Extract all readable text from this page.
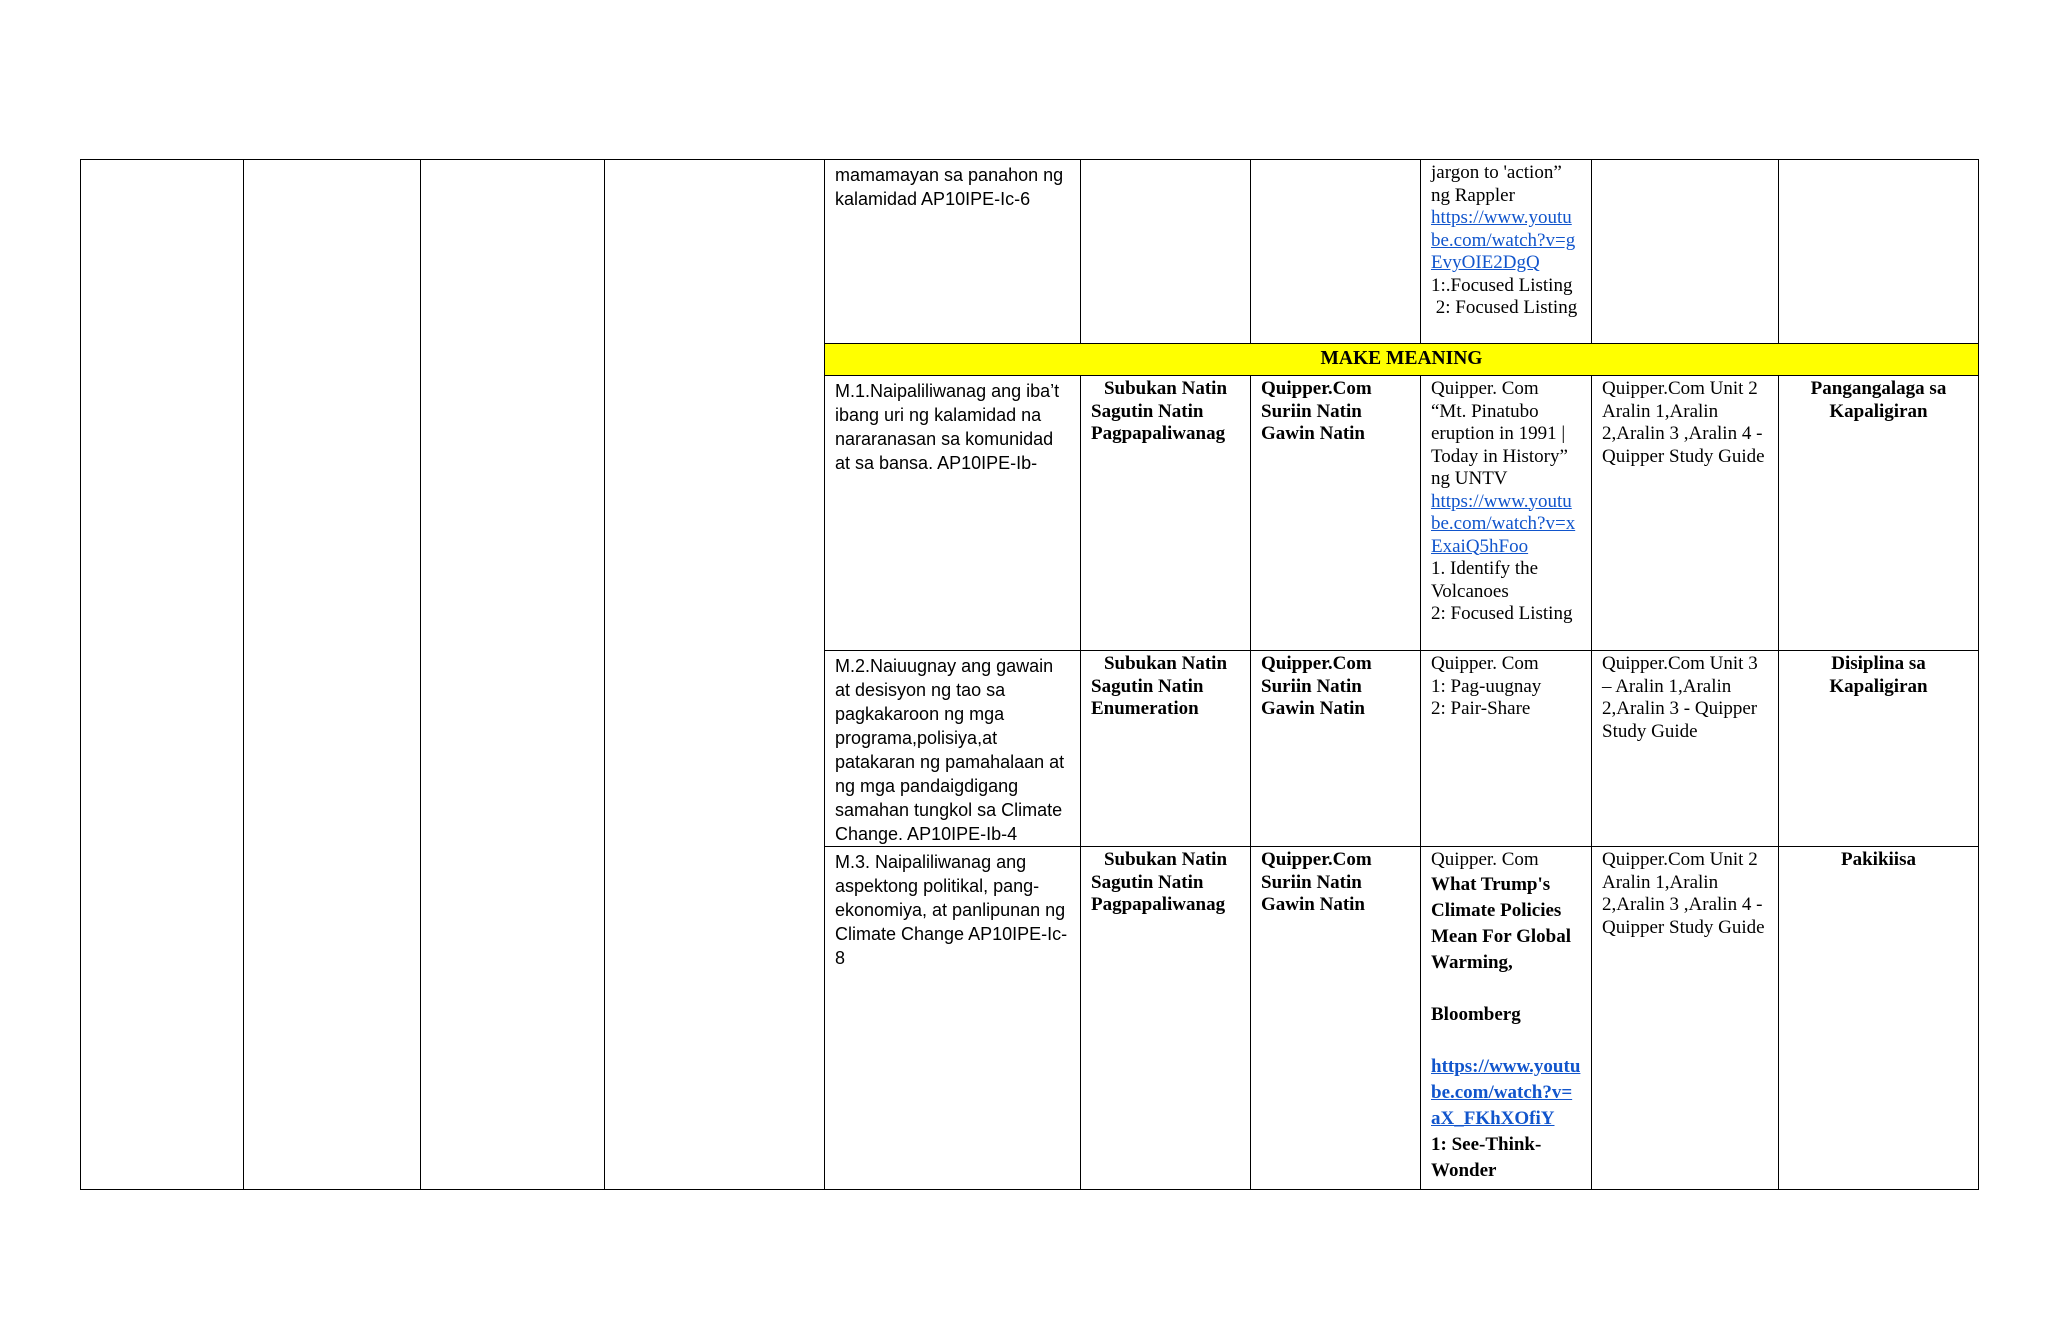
				mamamayan sa panahon ng kalamidad AP10IPE-Ic-6			jargon to 'action”
ng Rappler
https://www.youtube.com/watch?v=gEvyOIE2DgQ
1:.Focused Listing
2: Focused Listing		

				MAKE MEANING					
				M.1.Naipaliliwanag ang iba’t ibang uri ng kalamidad na nararanasan sa komunidad at sa bansa. AP10IPE-Ib-	Subukan Natin
Sagutin Natin
Pagpapaliwanag	Quipper.Com
Suriin Natin
Gawin Natin	Quipper. Com
“Mt. Pinatubo eruption in 1991 | Today in History” ng UNTV
https://www.youtube.com/watch?v=xExaiQ5hFoo
1. Identify the Volcanoes
2: Focused Listing	Quipper.Com Unit 2 Aralin 1,Aralin 2,Aralin 3 ,Aralin 4 -Quipper Study Guide	Pangangalaga sa Kapaligiran
				M.2.Naiuugnay ang gawain at desisyon ng tao sa pagkakaroon ng mga programa,polisiya,at patakaran ng pamahalaan at ng mga pandaigdigang samahan tungkol sa Climate Change. AP10IPE-Ib-4	Subukan Natin
Sagutin Natin
Enumeration	Quipper.Com
Suriin Natin
Gawin Natin	Quipper. Com
1: Pag-uugnay
2: Pair-Share	Quipper.Com Unit 3 – Aralin 1,Aralin 2,Aralin 3 - Quipper Study Guide	Disiplina sa Kapaligiran
				M.3. Naipaliliwanag ang aspektong politikal, pang-ekonomiya, at panlipunan ng Climate Change AP10IPE-Ic-8	Subukan Natin
Sagutin Natin
Pagpapaliwanag	Quipper.Com
Suriin Natin
Gawin Natin	Quipper. Com
What Trump's Climate Policies Mean For Global Warming,
Bloomberg
https://www.youtube.com/watch?v=aX_FKhXOfiY
1: See-Think-Wonder	Quipper.Com Unit 2 Aralin 1,Aralin 2,Aralin 3 ,Aralin 4 -Quipper Study Guide	Pakikiisa
